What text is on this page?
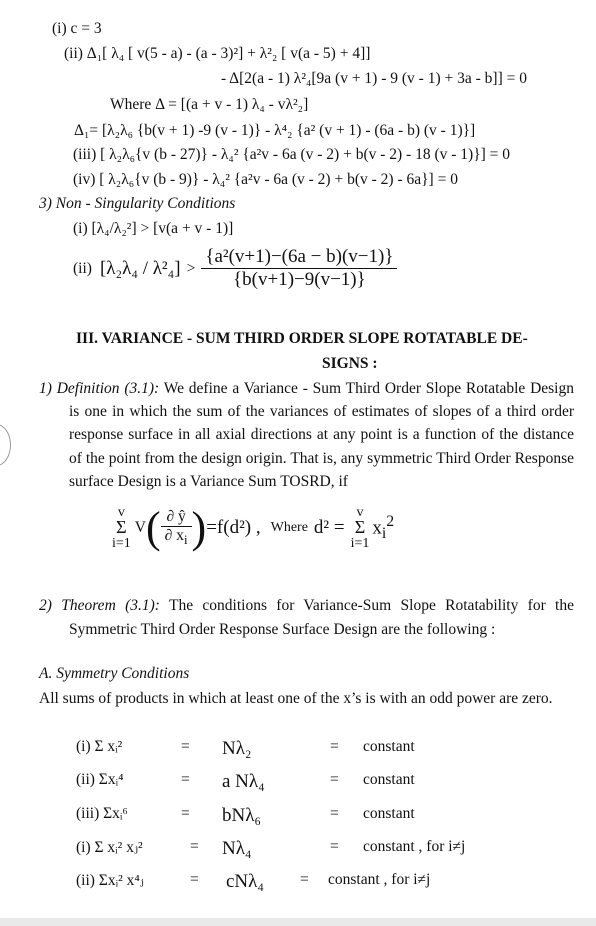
(i) c = 3
(ii) Δ₁[ λ₄ [ v(5 - a) - (a - 3)²] + λ²₂ [ v(a - 5) + 4]]
- Δ[2(a - 1) λ²₄[9a (v + 1) - 9 (v - 1) + 3a - b]] = 0
Where Δ = [(a + v - 1) λ₄ - vλ²₂]
Δ₁= [λ₂λ₆ {b(v + 1) -9 (v - 1)} - λ⁴₂ {a² (v + 1) - (6a - b) (v - 1)}]
(iii) [ λ₂λ₆{v (b - 27)} - λ₄² {a²v - 6a (v - 2) + b(v - 2) - 18 (v - 1)}] = 0
(iv) [ λ₂λ₆{v (b - 9)} - λ₄² {a²v - 6a (v - 2) + b(v - 2) - 6a}] = 0
3) Non - Singularity Conditions
(i) [λ₄/λ₂²] > [v(a + v - 1)]
(ii) $[\lambda_2\lambda_4 / \lambda^2_4] > \frac{\text{\{a²(v+1)−(6a − b)(v−1)\}}}{\{b(v+1)-9(v-1)\}}$
III. VARIANCE - SUM THIRD ORDER SLOPE ROTATABLE DE-
SIGNS :
1) Definition (3.1): We define a Variance - Sum Third Order Slope Rotatable Design is one in which the sum of the variances of estimates of slopes of a third order response surface in all axial directions at any point is a function of the distance of the point from the design origin. That is, any symmetric Third Order Response surface Design is a Variance Sum TOSRD, if
v
Σ
i=1
V ( $\frac{\partial ŷ}{\partial x_i}$ ) =f(d²) , Where d² =
v
Σ
i=1
$x_i^2$
2) Theorem (3.1): The conditions for Variance-Sum Slope Rotatability for the Symmetric Third Order Response Surface Design are the following :
A. Symmetry Conditions
All sums of products in which at least one of the x’s is with an odd power are zero.
(i) Σ xᵢ²	= Nλ₂	= constant
(ii) Σxᵢ⁴	= a Nλ₄	= constant
(iii) Σxᵢ⁶	= bNλ₆	= constant
(i) Σ xᵢ² xⱼ²	= Nλ₄	= constant , for i≠j
(ii) Σxᵢ² x⁴ⱼ	= cNλ₄ = constant , for i≠j
